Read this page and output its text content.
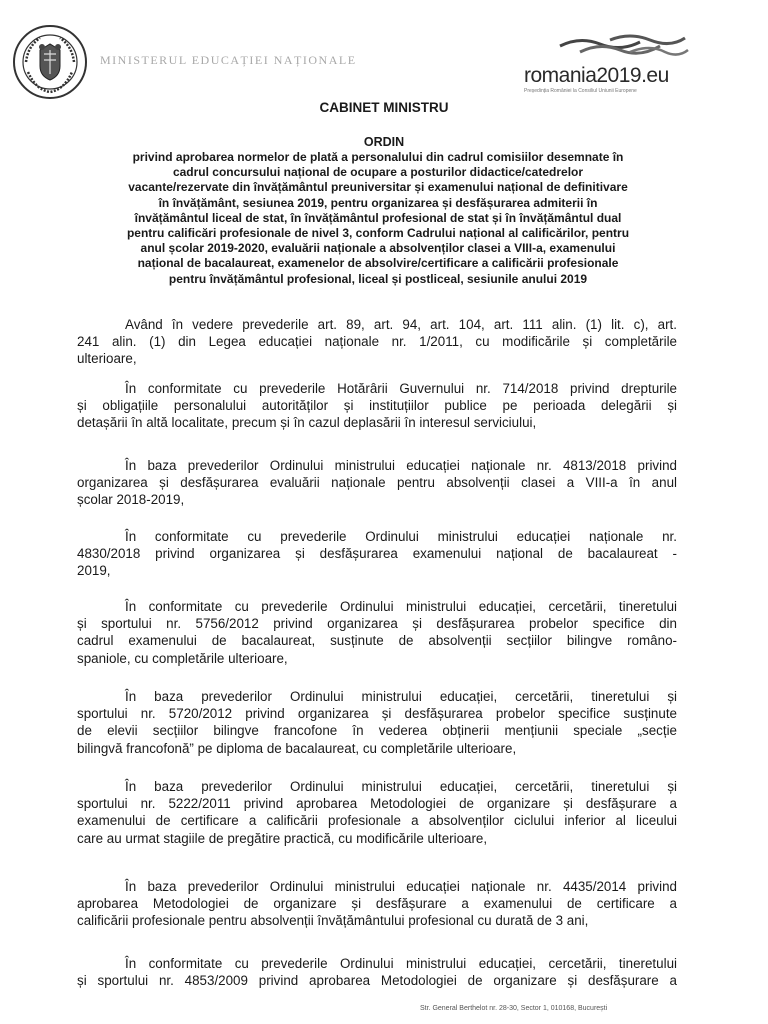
MINISTERUL EDUCAȚIEI NAȚIONALE
romania2019.eu
Președinția României la Consiliul Uniunii Europene
CABINET MINISTRU
ORDIN
privind aprobarea normelor de plată a personalului din cadrul comisiilor desemnate în
cadrul concursului național de ocupare a posturilor didactice/catedrelor
vacante/rezervate din învățământul preuniversitar și examenului național de definitivare
în învățământ, sesiunea 2019, pentru organizarea și desfășurarea admiterii în
învățământul liceal de stat, în învățământul profesional de stat și în învățământul dual
pentru calificări profesionale de nivel 3, conform Cadrului național al calificărilor, pentru
anul școlar 2019-2020, evaluării naționale a absolvenților clasei a VIII-a, examenului
național de bacalaureat, examenelor de absolvire/certificare a calificării profesionale
pentru învățământul profesional, liceal și postliceal, sesiunile anului 2019
Având în vedere prevederile art. 89, art. 94, art. 104, art. 111 alin. (1) lit. c), art.
241 alin. (1) din Legea educației naționale nr. 1/2011, cu modificările și completările
ulterioare,
În conformitate cu prevederile Hotărârii Guvernului nr. 714/2018 privind drepturile
și obligațiile personalului autorităților și instituțiilor publice pe perioada delegării și
detașării în altă localitate, precum și în cazul deplasării în interesul serviciului,
În baza prevederilor Ordinului ministrului educației naționale nr. 4813/2018 privind
organizarea și desfășurarea evaluării naționale pentru absolvenții clasei a VIII-a în anul
școlar 2018-2019,
În conformitate cu prevederile Ordinului ministrului educației naționale nr.
4830/2018 privind organizarea și desfășurarea examenului național de bacalaureat -
2019,
În conformitate cu prevederile Ordinului ministrului educației, cercetării, tineretului
și sportului nr. 5756/2012 privind organizarea și desfășurarea probelor specifice din
cadrul examenului de bacalaureat, susținute de absolvenții secțiilor bilingve româno-
spaniole, cu completările ulterioare,
În baza prevederilor Ordinului ministrului educației, cercetării, tineretului și
sportului nr. 5720/2012 privind organizarea și desfășurarea probelor specifice susținute
de elevii secțiilor bilingve francofone în vederea obținerii mențiunii speciale „secție
bilingvă francofonă” pe diploma de bacalaureat, cu completările ulterioare,
În baza prevederilor Ordinului ministrului educației, cercetării, tineretului și
sportului nr. 5222/2011 privind aprobarea Metodologiei de organizare și desfășurare a
examenului de certificare a calificării profesionale a absolvenților ciclului inferior al liceului
care au urmat stagiile de pregătire practică, cu modificările ulterioare,
În baza prevederilor Ordinului ministrului educației naționale nr. 4435/2014 privind
aprobarea Metodologiei de organizare și desfășurare a examenului de certificare a
calificării profesionale pentru absolvenții învățământului profesional cu durată de 3 ani,
În conformitate cu prevederile Ordinului ministrului educației, cercetării, tineretului
și sportului nr. 4853/2009 privind aprobarea Metodologiei de organizare și desfășurare a
Str. General Berthelot nr. 28-30, Sector 1, 010168, București
